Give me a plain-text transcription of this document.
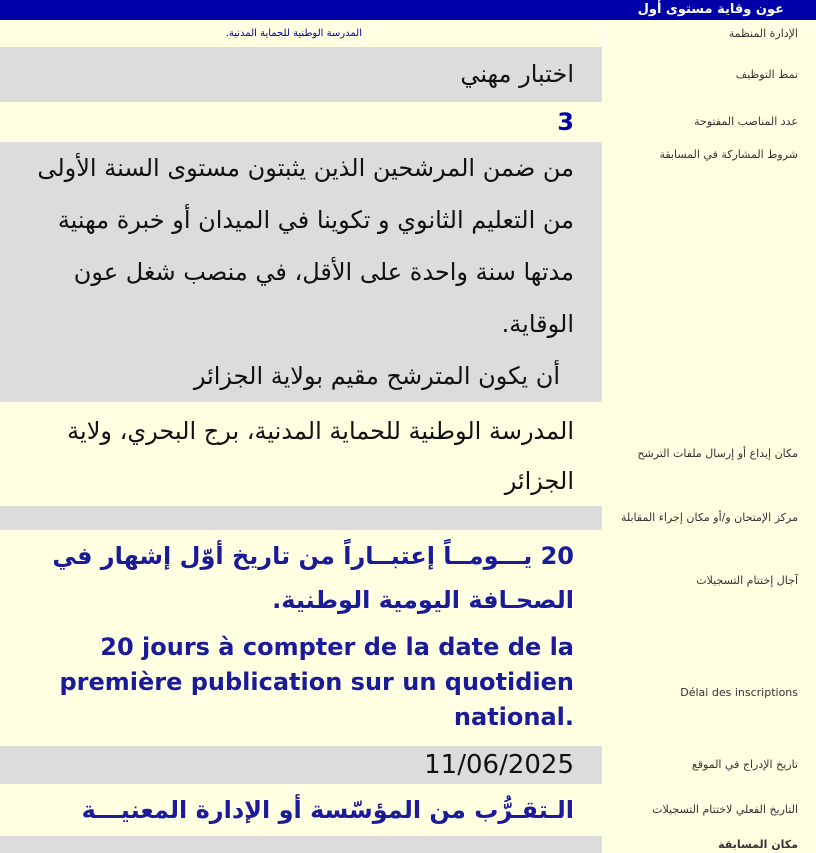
عون وقاية مستوى أول
الإدارة المنظمة
المدرسة الوطنية للحماية المدنية.
نمط التوظيف
اختبار مهني
عدد المناصب المفتوحة
3
شروط المشاركة في المسابقة
من ضمن المرشحين الذين يثبتون مستوى السنة الأولى من التعليم الثانوي و تكوينا في الميدان أو خبرة مهنية مدتها سنة واحدة على الأقل، في منصب شغل عون الوقاية.
أن يكون المترشح مقيم بولاية الجزائر
مكان إيداع أو إرسال ملفات الترشح
المدرسة الوطنية للحماية المدنية، برج البحري، ولاية الجزائر
مركز الإمتحان و/أو مكان إجراء المقابلة
آجال إختتام التسجيلات
Délai des inscriptions
20 يـــومــاً إعتبــاراً من تاريخ أوّل إشهار في الصحـافة اليومية الوطنية.
20 jours à compter de la date de la première publication sur un quotidien national.
تاريخ الإدراج في الموقع
11/06/2025
التاريخ الفعلي لاختتام التسجيلات
الـتقـرُّب من المؤسّسة أو الإدارة المعنيـــة
مكان المسابقة
